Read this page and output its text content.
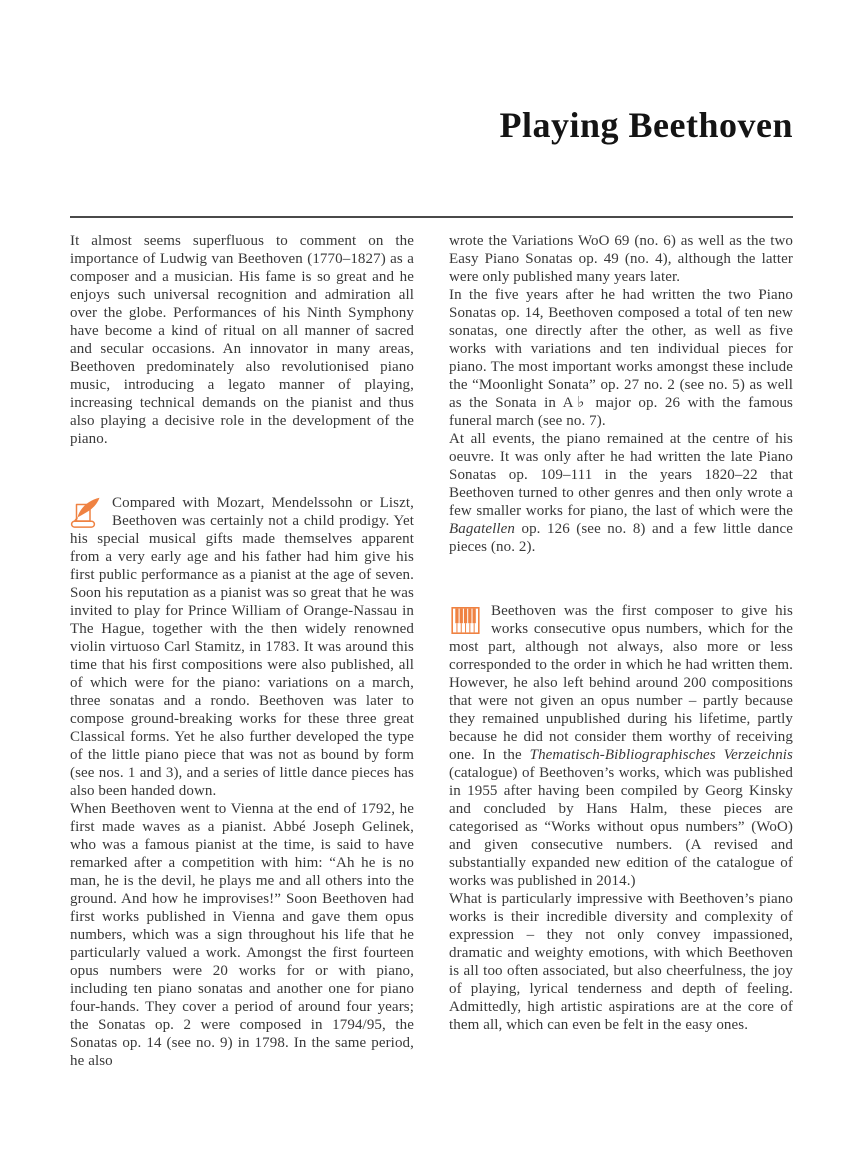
Playing Beethoven

It almost seems superfluous to comment on the importance of Ludwig van Beethoven (1770–1827) as a composer and a musician. His fame is so great and he enjoys such universal recognition and admiration all over the globe. Performances of his Ninth Symphony have become a kind of ritual on all manner of sacred and secular occasions. An innovator in many areas, Beethoven predominately also revolutionised piano music, introducing a legato manner of playing, increasing technical demands on the pianist and thus also playing a decisive role in the development of the piano.

Compared with Mozart, Mendelssohn or Liszt, Beethoven was certainly not a child prodigy. Yet his special musical gifts made themselves apparent from a very early age and his father had him give his first public performance as a pianist at the age of seven. Soon his reputation as a pianist was so great that he was invited to play for Prince William of Orange-Nassau in The Hague, together with the then widely renowned violin virtuoso Carl Stamitz, in 1783. It was around this time that his first compositions were also published, all of which were for the piano: variations on a march, three sonatas and a rondo. Beethoven was later to compose ground-breaking works for these three great Classical forms. Yet he also further developed the type of the little piano piece that was not as bound by form (see nos. 1 and 3), and a series of little dance pieces has also been handed down.

When Beethoven went to Vienna at the end of 1792, he first made waves as a pianist. Abbé Joseph Gelinek, who was a famous pianist at the time, is said to have remarked after a competition with him: “Ah he is no man, he is the devil, he plays me and all others into the ground. And how he improvises!” Soon Beethoven had first works published in Vienna and gave them opus numbers, which was a sign throughout his life that he particularly valued a work. Amongst the first fourteen opus numbers were 20 works for or with piano, including ten piano sonatas and another one for piano four-hands. They cover a period of around four years; the Sonatas op. 2 were composed in 1794/95, the Sonatas op. 14 (see no. 9) in 1798. In the same period, he also

wrote the Variations WoO 69 (no. 6) as well as the two Easy Piano Sonatas op. 49 (no. 4), although the latter were only published many years later.

In the five years after he had written the two Piano Sonatas op. 14, Beethoven composed a total of ten new sonatas, one directly after the other, as well as five works with variations and ten individual pieces for piano. The most important works amongst these include the “Moonlight Sonata” op. 27 no. 2 (see no. 5) as well as the Sonata in A♭ major op. 26 with the famous funeral march (see no. 7).

At all events, the piano remained at the centre of his oeuvre. It was only after he had written the late Piano Sonatas op. 109–111 in the years 1820–22 that Beethoven turned to other genres and then only wrote a few smaller works for piano, the last of which were the Bagatellen op. 126 (see no. 8) and a few little dance pieces (no. 2).

Beethoven was the first composer to give his works consecutive opus numbers, which for the most part, although not always, also more or less corresponded to the order in which he had written them. However, he also left behind around 200 compositions that were not given an opus number – partly because they remained unpublished during his lifetime, partly because he did not consider them worthy of receiving one. In the Thematisch-Bibliographisches Verzeichnis (catalogue) of Beethoven’s works, which was published in 1955 after having been compiled by Georg Kinsky and concluded by Hans Halm, these pieces are categorised as “Works without opus numbers” (WoO) and given consecutive numbers. (A revised and substantially expanded new edition of the catalogue of works was published in 2014.)

What is particularly impressive with Beethoven’s piano works is their incredible diversity and complexity of expression – they not only convey impassioned, dramatic and weighty emotions, with which Beethoven is all too often associated, but also cheerfulness, the joy of playing, lyrical tenderness and depth of feeling. Admittedly, high artistic aspirations are at the core of them all, which can even be felt in the easy ones.
